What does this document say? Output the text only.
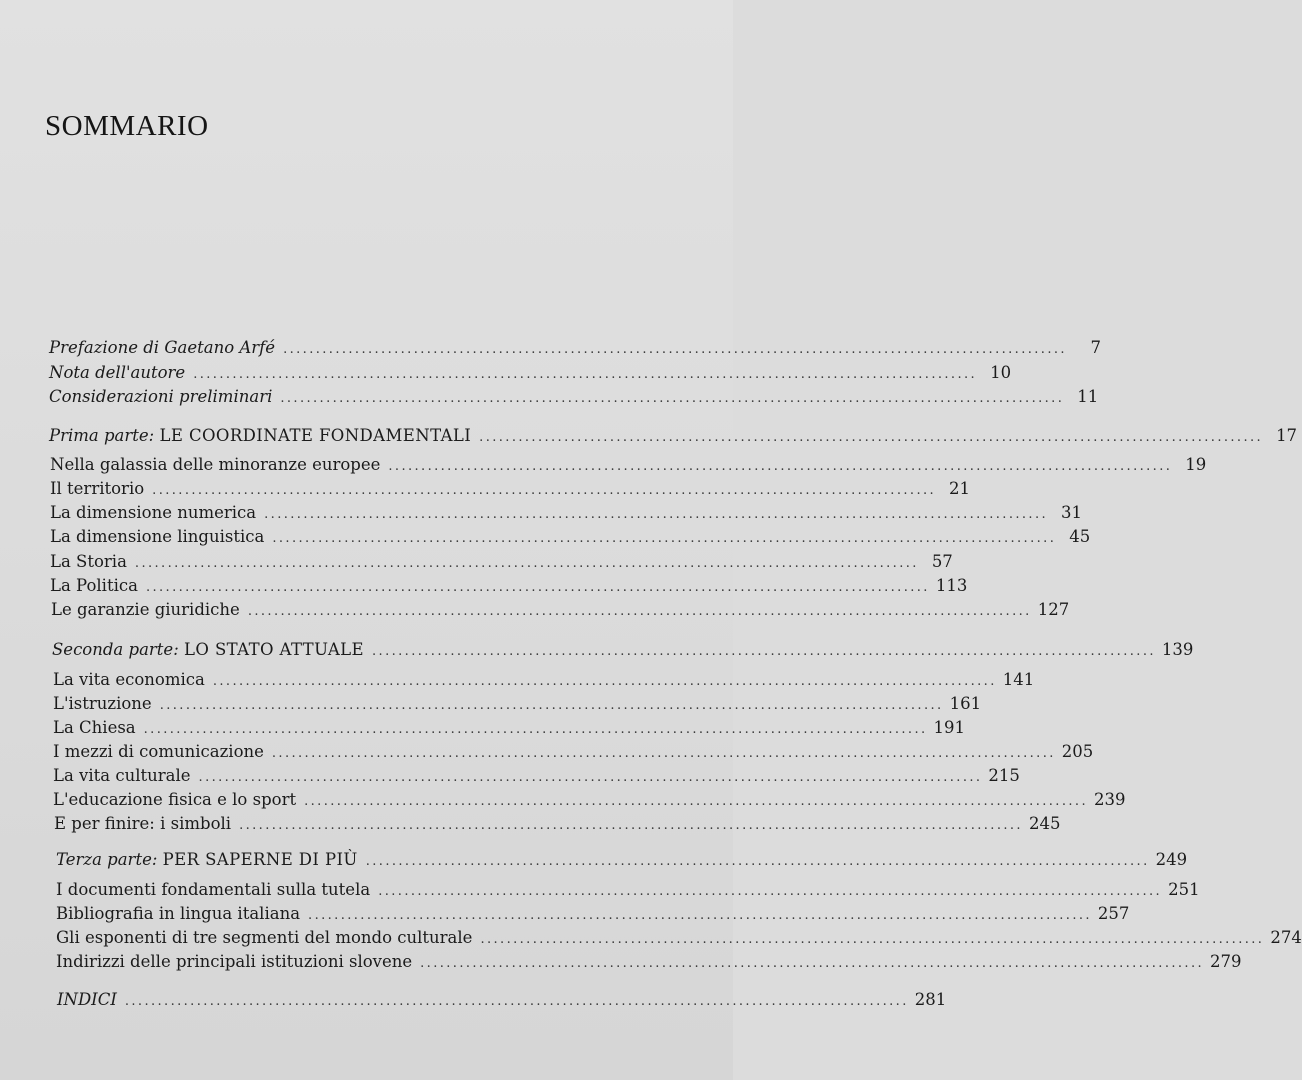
SOMMARIO
Prefazione di Gaetano Arfé ........................................................................................................................	7
Nota dell'autore ........................................................................................................................ 10
Considerazioni preliminari ........................................................................................................................ 11
Prima parte: LE COORDINATE FONDAMENTALI ........................................................................................................................ 17
Nella galassia delle minoranze europee ........................................................................................................................ 19
Il territorio ........................................................................................................................ 21
La dimensione numerica ........................................................................................................................ 31
La dimensione linguistica ........................................................................................................................ 45
La Storia ........................................................................................................................ 57
La Politica ........................................................................................................................ 113
Le garanzie giuridiche ........................................................................................................................ 127
Seconda parte: LO STATO ATTUALE ........................................................................................................................ 139
La vita economica ........................................................................................................................ 141
L'istruzione ........................................................................................................................ 161
La Chiesa ........................................................................................................................ 191
I mezzi di comunicazione ........................................................................................................................ 205
La vita culturale ........................................................................................................................ 215
L'educazione fisica e lo sport ........................................................................................................................ 239
E per finire: i simboli ........................................................................................................................ 245
Terza parte: PER SAPERNE DI PIÙ ........................................................................................................................ 249
I documenti fondamentali sulla tutela ........................................................................................................................ 251
Bibliografia in lingua italiana ........................................................................................................................ 257
Gli esponenti di tre segmenti del mondo culturale ........................................................................................................................ 274
Indirizzi delle principali istituzioni slovene ........................................................................................................................ 279
INDICI ........................................................................................................................ 281
